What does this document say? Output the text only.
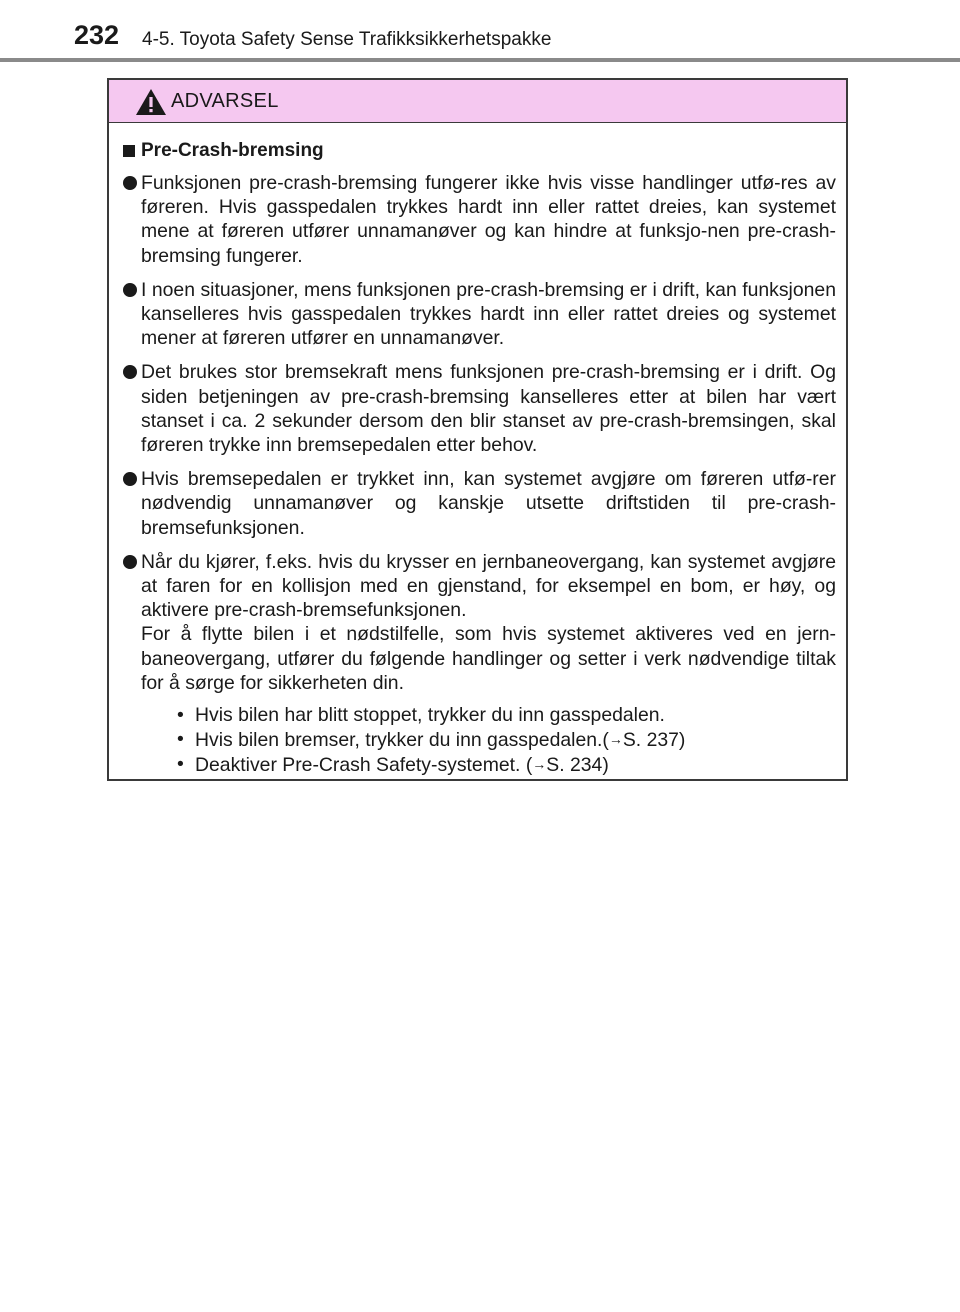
232 4-5. Toyota Safety Sense Trafikksikkerhetspakke
ADVARSEL
Pre-Crash-bremsing
Funksjonen pre-crash-bremsing fungerer ikke hvis visse handlinger utfø-res av føreren. Hvis gasspedalen trykkes hardt inn eller rattet dreies, kan systemet mene at føreren utfører unnamanøver og kan hindre at funksjo-nen pre-crash-bremsing fungerer.
I noen situasjoner, mens funksjonen pre-crash-bremsing er i drift, kan funksjonen kanselleres hvis gasspedalen trykkes hardt inn eller rattet dreies og systemet mener at føreren utfører en unnamanøver.
Det brukes stor bremsekraft mens funksjonen pre-crash-bremsing er i drift. Og siden betjeningen av pre-crash-bremsing kanselleres etter at bilen har vært stanset i ca. 2 sekunder dersom den blir stanset av pre-crash-bremsingen, skal føreren trykke inn bremsepedalen etter behov.
Hvis bremsepedalen er trykket inn, kan systemet avgjøre om føreren utfø-rer nødvendig unnamanøver og kanskje utsette driftstiden til pre-crash-bremsefunksjonen.

Når du kjører, f.eks. hvis du krysser en jernbaneovergang, kan systemet avgjøre at faren for en kollisjon med en gjenstand, for eksempel en bom, er høy, og aktivere pre-crash-bremsefunksjonen.

For å flytte bilen i et nødstilfelle, som hvis systemet aktiveres ved en jern-baneovergang, utfører du følgende handlinger og setter i verk nødvendige tiltak for å sørge for sikkerheten din.

• Hvis bilen har blitt stoppet, trykker du inn gasspedalen.
• Hvis bilen bremser, trykker du inn gasspedalen.(→S. 237)
• Deaktiver Pre-Crash Safety-systemet. (→S. 234)
